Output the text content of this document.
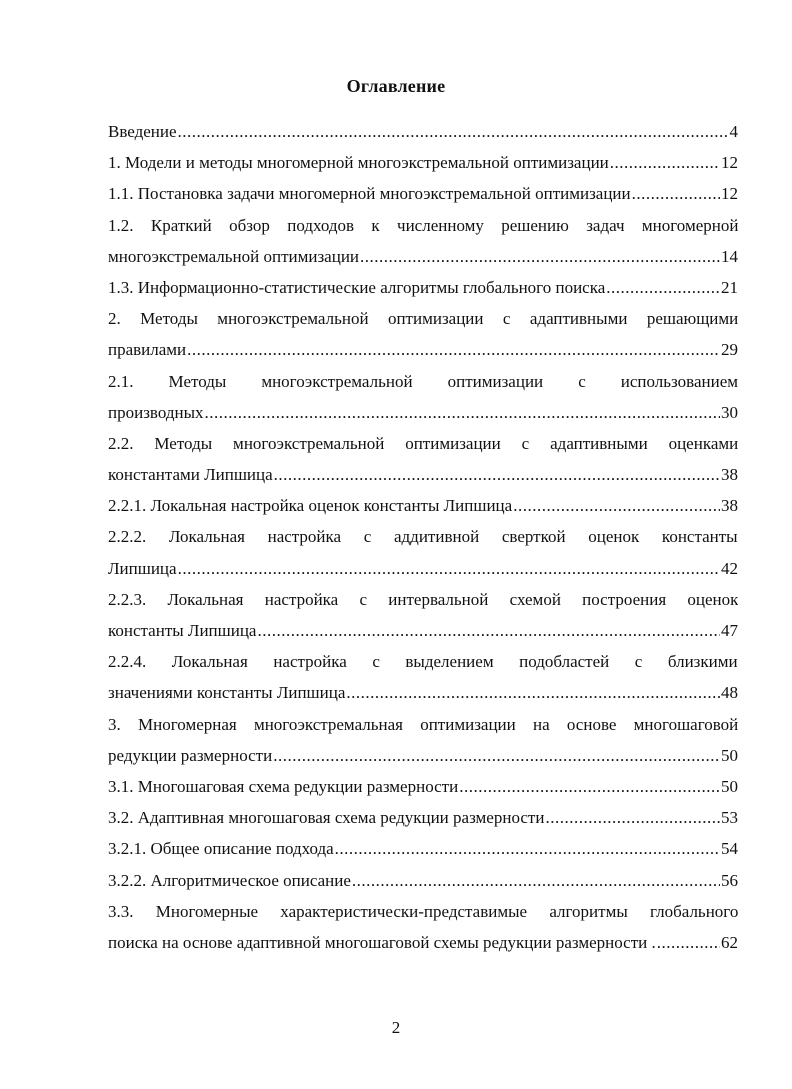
Оглавление
Введение .....	4
1. Модели и методы многомерной многоэкстремальной оптимизации .....	12
1.1. Постановка задачи многомерной многоэкстремальной оптимизации .....	12
1.2. Краткий обзор подходов к численному решению задач многомерной
многоэкстремальной оптимизации .....	14
1.3. Информационно-статистические алгоритмы глобального поиска .....	21
2. Методы многоэкстремальной оптимизации с адаптивными решающими
правилами .....	29
2.1. Методы многоэкстремальной оптимизации с использованием
производных .....	30
2.2. Методы многоэкстремальной оптимизации с адаптивными оценками
константами Липшица .....	38
2.2.1. Локальная настройка оценок константы Липшица .....	38
2.2.2. Локальная настройка с аддитивной сверткой оценок константы
Липшица .....	42
2.2.3. Локальная настройка с интервальной схемой построения оценок
константы Липшица .....	47
2.2.4. Локальная настройка с выделением подобластей с близкими
значениями константы Липшица .....	48
3. Многомерная многоэкстремальная оптимизации на основе многошаговой
редукции размерности .....	50
3.1. Многошаговая схема редукции размерности .....	50
3.2. Адаптивная многошаговая схема редукции размерности .....	53
3.2.1. Общее описание подхода .....	54
3.2.2. Алгоритмическое описание .....	56
3.3. Многомерные характеристически-представимые алгоритмы глобального
поиска на основе адаптивной многошаговой схемы редукции размерности . .....	62
2
